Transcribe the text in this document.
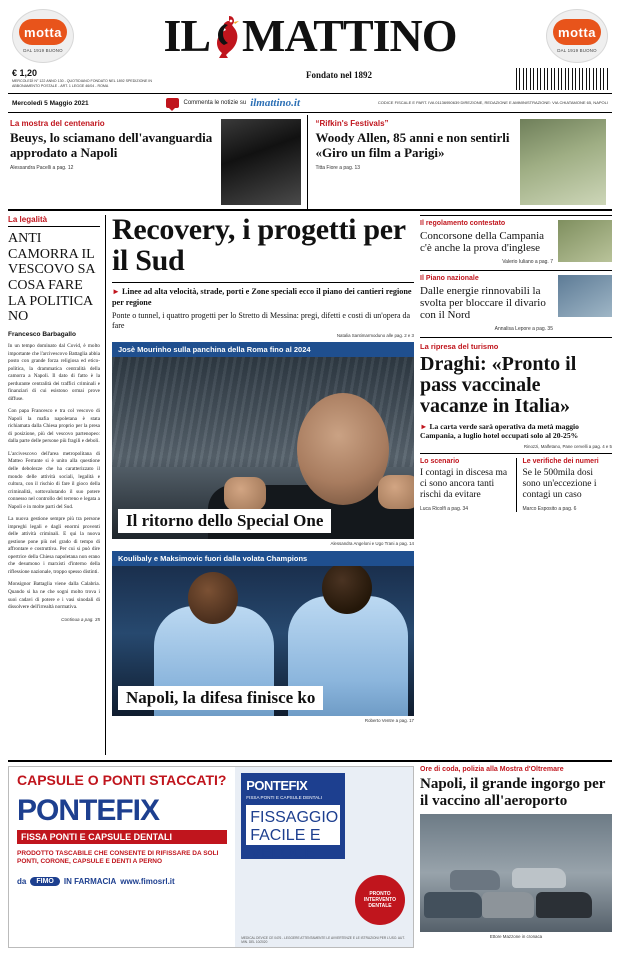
motta
DAL 1919 BUONO IL MATTINO	motta
DAL 1919 BUONO
€ 1,20
MERCOLEDÌ N° 122 ANNO 130 - QUOTIDIANO FONDATO NEL 1892 SPEDIZIONE IN ABBONAMENTO POSTALE - ART. 1 LEGGE 46/04 - ROMA
Fondato nel 1892
Mercoledì 5 Maggio 2021	Commenta le notizie su ilmattino.it	CODICE FISCALE E PART. IVA 01136950639 DIREZIONE, REDAZIONE E AMMINISTRAZIONE: VIA CHIATAMONE 65, NAPOLI
La mostra del centenario
Beuys, lo sciamano dell'avanguardia approdato a Napoli
Alessandra Pacelli a pag. 12
“Rifkin's Festivals”
Woody Allen, 85 anni e non sentirli «Giro un film a Parigi»
Titta Fiore a pag. 13
La legalità
ANTI CAMORRA IL VESCOVO SA COSA FARE LA POLITICA NO
Francesco Barbagallo

In un tempo dominato dal Covid, è molto importante che l'arcivescovo Battaglia abbia posto con grande forza religiosa ed etico-politica, la drammatica centralità della camorra a Napoli. Il dato di fatto è la perdurante centralità dei traffici criminali e finanziari di cui esistono ormai prove diffuse.

Con papa Francesco e tra col vescovo di Napoli la mafia napoletana è stata richiamata dalla Chiesa proprio per la presa di posizione, più del vescovo partenopeo: dalla parte delle persone più fragili e deboli.

L'arcivescovo dell'area metropolitana di Matteo Ferrante si è unito alla questìone delle debolezze che ha caratterizzato il mondo delle attività sociali, legalità e cultura, con il rischio di fare il gioco della criminalità, sottovalutando il suo potere connesso nel controllo del terreno e legata a Napoli e in molte parti del Sud.

La nuova gestione sempre più tra persone impreghi legali e dagli enormi proventi delle attività criminali. E qui la nuova gestione pone più nel grado di tempo di affrontare e costruttiva. Per cui si può dire opertrice della Chiesa napoletana non erano che desumono i marxisti d'interno della riflessione nazionale, troppo spesso distinti.

Monsignor Battaglia viene dalla Calabria. Quando si ha ne che sogni molto trova i suoi cadavi di potere e i vasi sinodali di dissolvere dell'irrealtà normativa.

Continua a pag. 35
Recovery, i progetti per il Sud
► Linee ad alta velocità, strade, porti e Zone speciali ecco il piano dei cantieri regione per regione
Ponte o tunnel, i quattro progetti per lo Stretto di Messina: pregi, difetti e costi di un'opera da fare
Natalia Santimarmoduno alle pag. 2 e 3
Josè Mourinho sulla panchina della Roma fino al 2024
Il ritorno dello Special One
Alessandra Angeloni e Ugo Trani a pag. 14
Koulibaly e Maksimovic fuori dalla volata Champions
Napoli, la difesa finisce ko
Roberto Ventre a pag. 17
Il regolamento contestato
Concorsone della Campania c'è anche la prova d'inglese
Valerio Iuliano a pag. 7
Il Piano nazionale
Dalle energie rinnovabili la svolta per bloccare il divario con il Nord
Annalisa Lepore a pag. 35
La ripresa del turismo
Draghi: «Pronto il pass vaccinale vacanze in Italia»
► La carta verde sarà operativa da metà maggio Campania, a luglio hotel occupati solo al 20-25%
Rinozzi, Malfetano, Pane cervelli a pag. 4 e 5
Lo scenario
I contagi in discesa ma ci sono ancora tanti rischi da evitare
Luca Ricolfi a pag. 34
Le verifiche dei numeri
Se le 500mila dosi sono un'eccezione i contagi un caso
Marco Esposito a pag. 6
CAPSULE O PONTI STACCATI?
PONTEFIX
FISSA PONTI E CAPSULE DENTALI
PRODOTTO TASCABILE CHE CONSENTE DI RIFISSARE DA SOLI PONTI, CORONE, CAPSULE E DENTI A PERNO
da	FIMO	IN FARMACIA www.fimosrl.it
PONTEFIX
FISSA PONTI E CAPSULE DENTALI
FISSAGGIO FACILE E VELOCE
PRONTO INTERVENTO DENTALE
MEDICAL DEVICE CE 0476 - LEGGERE ATTENTAMENTE LE AVVERTENZE E LE ISTRUZIONI PER L'USO. AUT. MIN. DEL 10/2020
Ore di coda, polizia alla Mostra d'Oltremare
Napoli, il grande ingorgo per il vaccino all'aeroporto
Ettore Mazzone in cronaca
